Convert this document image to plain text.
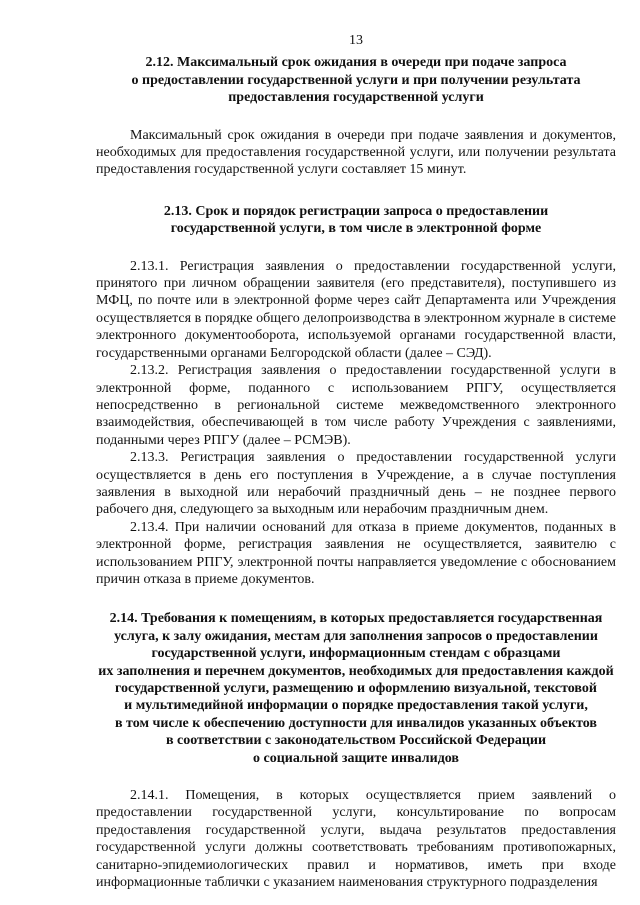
13
2.12. Максимальный срок ожидания в очереди при подаче запроса
о предоставлении государственной услуги и при получении результата
предоставления государственной услуги

Максимальный срок ожидания в очереди при подаче заявления и документов, необходимых для предоставления государственной услуги, или получении результата предоставления государственной услуги составляет 15 минут.

2.13. Срок и порядок регистрации запроса о предоставлении
государственной услуги, в том числе в электронной форме

2.13.1. Регистрация заявления о предоставлении государственной услуги, принятого при личном обращении заявителя (его представителя), поступившего из МФЦ, по почте или в электронной форме через сайт Департамента или Учреждения осуществляется в порядке общего делопроизводства в электронном журнале в системе электронного документооборота, используемой органами государственной власти, государственными органами Белгородской области (далее – СЭД).

2.13.2. Регистрация заявления о предоставлении государственной услуги в электронной форме, поданного с использованием РПГУ, осуществляется непосредственно в региональной системе межведомственного электронного взаимодействия, обеспечивающей в том числе работу Учреждения с заявлениями, поданными через РПГУ (далее – РСМЭВ).

2.13.3. Регистрация заявления о предоставлении государственной услуги осуществляется в день его поступления в Учреждение, а в случае поступления заявления в выходной или нерабочий праздничный день – не позднее первого рабочего дня, следующего за выходным или нерабочим праздничным днем.

2.13.4. При наличии оснований для отказа в приеме документов, поданных в электронной форме, регистрация заявления не осуществляется, заявителю с использованием РПГУ, электронной почты направляется уведомление с обоснованием причин отказа в приеме документов.

2.14. Требования к помещениям, в которых предоставляется государственная
услуга, к залу ожидания, местам для заполнения запросов о предоставлении
государственной услуги, информационным стендам с образцами
их заполнения и перечнем документов, необходимых для предоставления каждой
государственной услуги, размещению и оформлению визуальной, текстовой
и мультимедийной информации о порядке предоставления такой услуги,
в том числе к обеспечению доступности для инвалидов указанных объектов
в соответствии с законодательством Российской Федерации
о социальной защите инвалидов

2.14.1. Помещения, в которых осуществляется прием заявлений о предоставлении государственной услуги, консультирование по вопросам предоставления государственной услуги, выдача результатов предоставления государственной услуги должны соответствовать требованиям противопожарных, санитарно-эпидемиологических правил и нормативов, иметь при входе информационные таблички с указанием наименования структурного подразделения
